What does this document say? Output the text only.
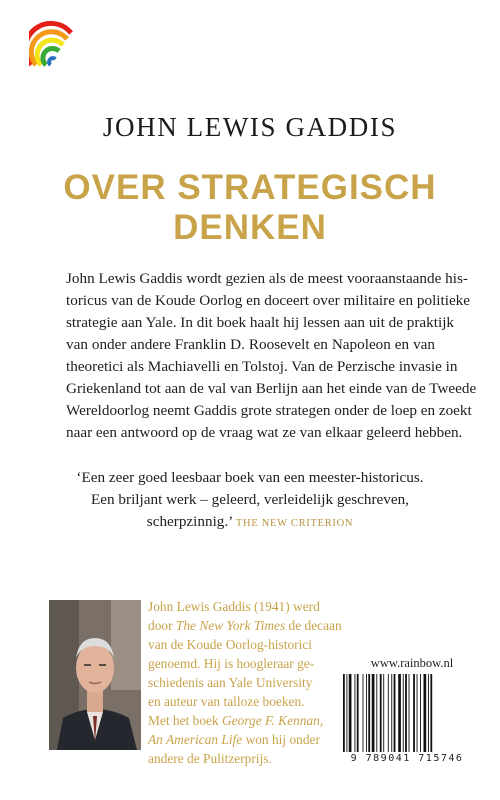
JOHN LEWIS GADDIS
OVER STRATEGISCH
DENKEN
John Lewis Gaddis wordt gezien als de meest vooraanstaande his-
toricus van de Koude Oorlog en doceert over militaire en politieke
strategie aan Yale. In dit boek haalt hij lessen aan uit de praktijk
van onder andere Franklin D. Roosevelt en Napoleon en van
theoretici als Machiavelli en Tolstoj. Van de Perzische invasie in
Griekenland tot aan de val van Berlijn aan het einde van de Tweede
Wereldoorlog neemt Gaddis grote strategen onder de loep en zoekt
naar een antwoord op de vraag wat ze van elkaar geleerd hebben.
‘Een zeer goed leesbaar boek van een meester-historicus.
Een briljant werk – geleerd, verleidelijk geschreven,
scherpzinnig.’ THE NEW CRITERION
John Lewis Gaddis (1941) werd
door The New York Times de decaan
van de Koude Oorlog-historici
genoemd. Hij is hoogleraar ge-
schiedenis aan Yale University
en auteur van talloze boeken.
Met het boek George F. Kennan,
An American Life won hij onder
andere de Pulitzerprijs.
www.rainbow.nl
9 789041 715746
